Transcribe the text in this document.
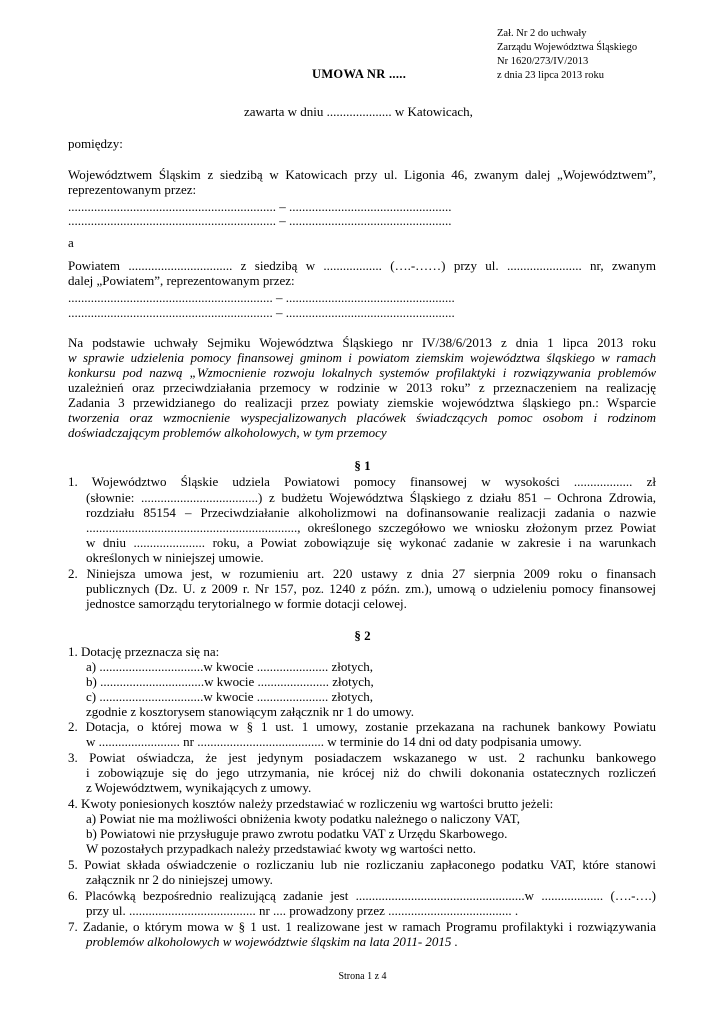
Zał. Nr 2 do uchwały
Zarządu Województwa Śląskiego
Nr 1620/273/IV/2013
z dnia 23 lipca 2013 roku
UMOWA NR .....
zawarta w dniu .................... w Katowicach,
pomiędzy:
Województwem Śląskim z siedzibą w Katowicach przy ul. Ligonia 46, zwanym dalej „Województwem”,
reprezentowanym przez:
................................................................ – ..................................................
................................................................ – ..................................................
a
Powiatem ................................ z siedzibą w .................. (….-……) przy ul. ....................... nr, zwanym
dalej „Powiatem”, reprezentowanym przez:
............................................................... – ....................................................
............................................................... – ....................................................
Na podstawie uchwały Sejmiku Województwa Śląskiego nr IV/38/6/2013 z dnia 1 lipca 2013 roku
w sprawie udzielenia pomocy finansowej gminom i powiatom ziemskim województwa śląskiego w ramach
konkursu pod nazwą „Wzmocnienie rozwoju lokalnych systemów profilaktyki i rozwiązywania problemów
uzależnień oraz przeciwdziałania przemocy w rodzinie w 2013 roku” z przeznaczeniem na realizację
Zadania 3 przewidzianego do realizacji przez powiaty ziemskie województwa śląskiego pn.: Wsparcie
tworzenia oraz wzmocnienie wyspecjalizowanych placówek świadczących pomoc osobom i rodzinom
doświadczającym problemów alkoholowych, w tym przemocy
§ 1
1. Województwo Śląskie udziela Powiatowi pomocy finansowej w wysokości .................. zł
(słownie: ....................................) z budżetu Województwa Śląskiego z działu 851 – Ochrona Zdrowia,
rozdziału 85154 – Przeciwdziałanie alkoholizmowi na dofinansowanie realizacji zadania o nazwie
................................................................., określonego szczegółowo we wniosku złożonym przez Powiat
w dniu ...................... roku, a Powiat zobowiązuje się wykonać zadanie w zakresie i na warunkach
określonych w niniejszej umowie.
2. Niniejsza umowa jest, w rozumieniu art. 220 ustawy z dnia 27 sierpnia 2009 roku o finansach
publicznych (Dz. U. z 2009 r. Nr 157, poz. 1240 z późn. zm.), umową o udzieleniu pomocy finansowej
jednostce samorządu terytorialnego w formie dotacji celowej.
§ 2
1. Dotację przeznacza się na:
a) ................................w kwocie ...................... złotych,
b) ................................w kwocie ...................... złotych,
c) ................................w kwocie ...................... złotych,
zgodnie z kosztorysem stanowiącym załącznik nr 1 do umowy.
2. Dotacja, o której mowa w § 1 ust. 1 umowy, zostanie przekazana na rachunek bankowy Powiatu
w ......................... nr ....................................... w terminie do 14 dni od daty podpisania umowy.
3. Powiat oświadcza, że jest jedynym posiadaczem wskazanego w ust. 2 rachunku bankowego
i zobowiązuje się do jego utrzymania, nie krócej niż do chwili dokonania ostatecznych rozliczeń
z Województwem, wynikających z umowy.
4. Kwoty poniesionych kosztów należy przedstawiać w rozliczeniu wg wartości brutto jeżeli:
a) Powiat nie ma możliwości obniżenia kwoty podatku należnego o naliczony VAT,
b) Powiatowi nie przysługuje prawo zwrotu podatku VAT z Urzędu Skarbowego.
W pozostałych przypadkach należy przedstawiać kwoty wg wartości netto.
5. Powiat składa oświadczenie o rozliczaniu lub nie rozliczaniu zapłaconego podatku VAT, które stanowi
załącznik nr 2 do niniejszej umowy.
6. Placówką bezpośrednio realizującą zadanie jest ....................................................w ................... (….-….)
przy ul. ....................................... nr .... prowadzony przez ...................................... .
7. Zadanie, o którym mowa w § 1 ust. 1 realizowane jest w ramach Programu profilaktyki i rozwiązywania
problemów alkoholowych w województwie śląskim na lata 2011- 2015 .
Strona 1 z 4
